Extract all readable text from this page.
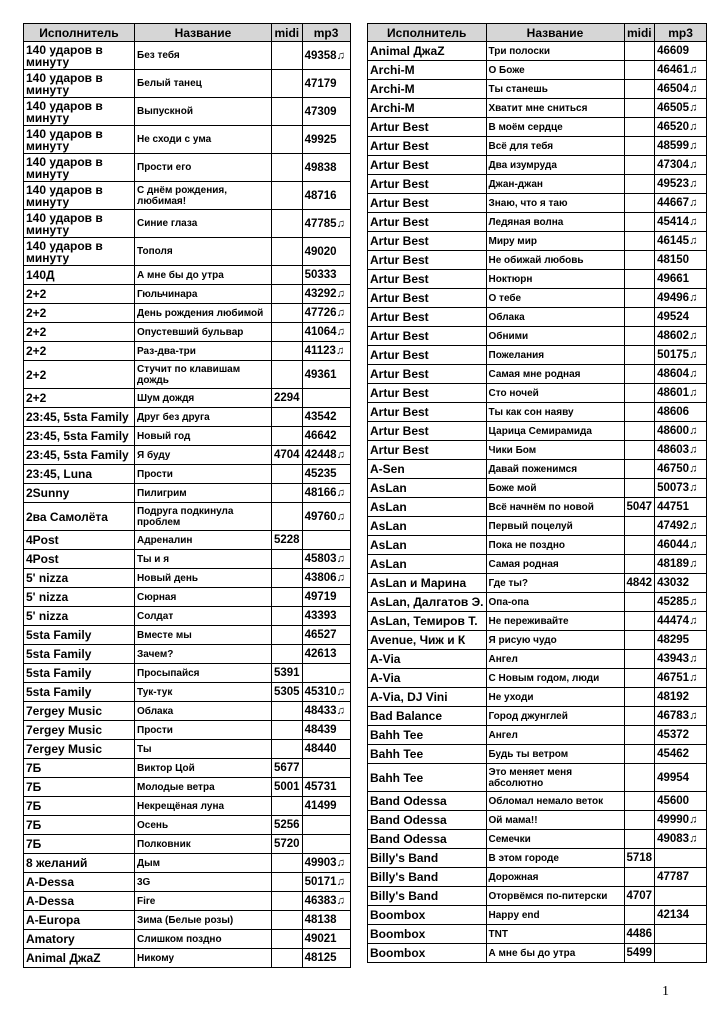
Исполнитель	Название	midi	mp3
140 ударов в минуту	Без тебя		49358♫
140 ударов в минуту	Белый танец		47179
140 ударов в минуту	Выпускной		47309
140 ударов в минуту	Не сходи с ума		49925
140 ударов в минуту	Прости его		49838
140 ударов в минуту	С днём рождения, любимая!		48716
140 ударов в минуту	Синие глаза		47785♫
140 ударов в минуту	Тополя		49020
140Д	А мне бы до утра		50333
2+2	Гюльчинара		43292♫
2+2	День рождения любимой		47726♫
2+2	Опустевший бульвар		41064♫
2+2	Раз-два-три		41123♫
2+2	Стучит по клавишам дождь		49361
2+2	Шум дождя	2294	
23:45, 5sta Family	Друг без друга		43542
23:45, 5sta Family	Новый год		46642
23:45, 5sta Family	Я буду	4704	42448♫
23:45, Luna	Прости		45235
2Sunny	Пилигрим		48166♫
2ва Самолёта	Подруга подкинула проблем		49760♫
4Post	Адреналин	5228	
4Post	Ты и я		45803♫
5' nizza	Новый день		43806♫
5' nizza	Сюрная		49719
5' nizza	Солдат		43393
5sta Family	Вместе мы		46527
5sta Family	Зачем?		42613
5sta Family	Просыпайся	5391	
5sta Family	Тук-тук	5305	45310♫
7ergey Music	Облака		48433♫
7ergey Music	Прости		48439
7ergey Music	Ты		48440
7Б	Виктор Цой	5677	
7Б	Молодые ветра	5001	45731
7Б	Некрещёная луна		41499
7Б	Осень	5256	
7Б	Полковник	5720	
8 желаний	Дым		49903♫
A-Dessa	3G		50171♫
A-Dessa	Fire		46383♫
A-Europa	Зима (Белые розы)		48138
Amatory	Слишком поздно		49021
Animal ДжаZ	Никому		48125
Исполнитель	Название	midi	mp3
Animal ДжаZ	Три полоски		46609
Archi-M	О Боже		46461♫
Archi-M	Ты станешь		46504♫
Archi-M	Хватит мне сниться		46505♫
Artur Best	В моём сердце		46520♫
Artur Best	Всё для тебя		48599♫
Artur Best	Два изумруда		47304♫
Artur Best	Джан-джан		49523♫
Artur Best	Знаю, что я таю		44667♫
Artur Best	Ледяная волна		45414♫
Artur Best	Миру мир		46145♫
Artur Best	Не обижай любовь		48150
Artur Best	Ноктюрн		49661
Artur Best	О тебе		49496♫
Artur Best	Облака		49524
Artur Best	Обними		48602♫
Artur Best	Пожелания		50175♫
Artur Best	Самая мне родная		48604♫
Artur Best	Сто ночей		48601♫
Artur Best	Ты как сон наяву		48606
Artur Best	Царица Семирамида		48600♫
Artur Best	Чики Бом		48603♫
A-Sen	Давай поженимся		46750♫
AsLan	Боже мой		50073♫
AsLan	Всё начнём по новой	5047	44751
AsLan	Первый поцелуй		47492♫
AsLan	Пока не поздно		46044♫
AsLan	Самая родная		48189♫
AsLan и Марина	Где ты?	4842	43032
AsLan, Далгатов Э.	Опа-опа		45285♫
AsLan, Темиров Т.	Не переживайте		44474♫
Avenue, Чиж и К	Я рисую чудо		48295
A-Via	Ангел		43943♫
A-Via	С Новым годом, люди		46751♫
A-Via, DJ Vini	Не уходи		48192
Bad Balance	Город джунглей		46783♫
Bahh Tee	Ангел		45372
Bahh Tee	Будь ты ветром		45462
Bahh Tee	Это меняет меня абсолютно		49954
Band Odessa	Обломал немало веток		45600
Band Odessa	Ой мама!!		49990♫
Band Odessa	Семечки		49083♫
Billy's Band	В этом городе	5718	
Billy's Band	Дорожная		47787
Billy's Band	Оторвёмся по-питерски	4707	
Boombox	Happy end		42134
Boombox	TNT	4486	
Boombox	А мне бы до утра	5499	
1
